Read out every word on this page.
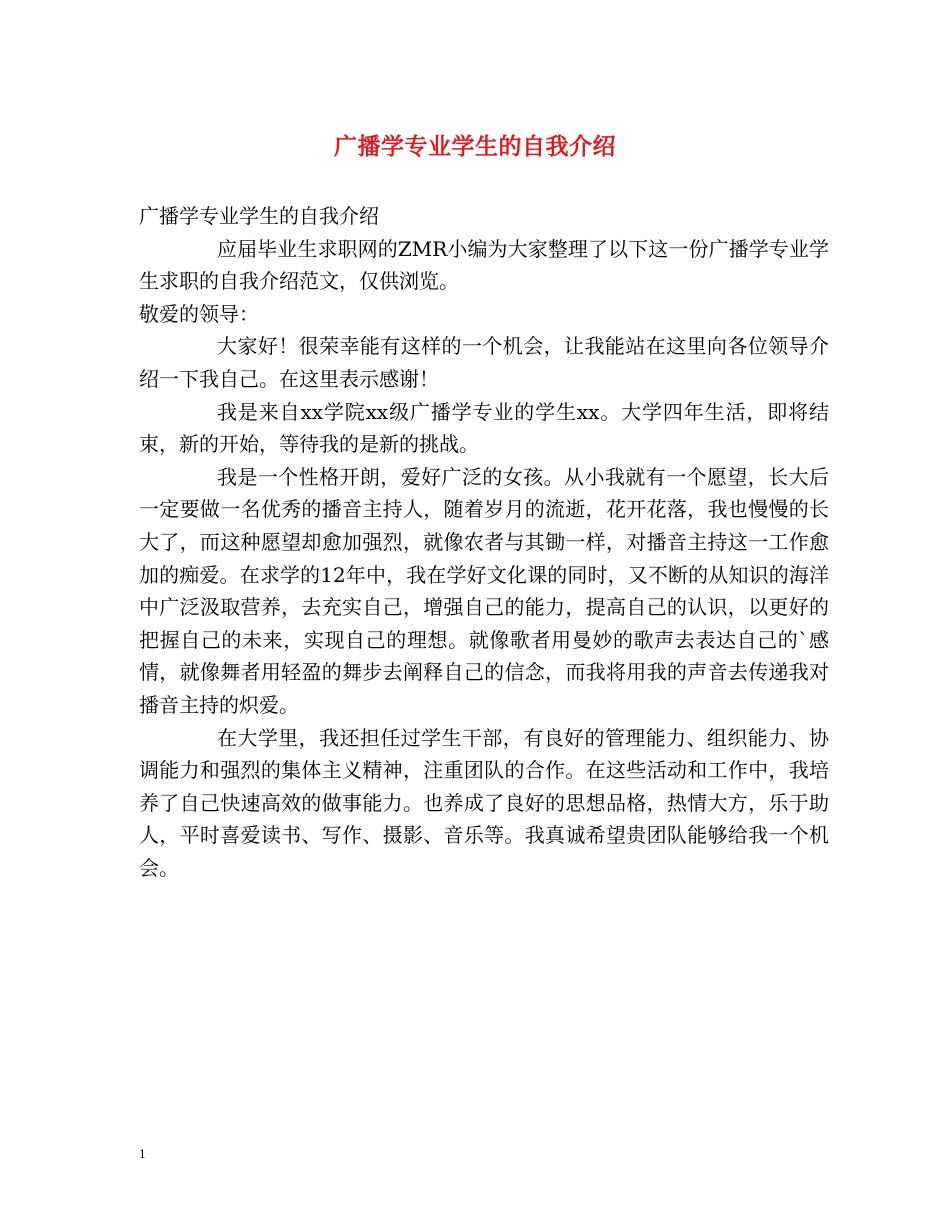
广播学专业学生的自我介绍

广播学专业学生的自我介绍

应届毕业生求职网的ZMR小编为大家整理了以下这一份广播学专业学生求职的自我介绍范文，仅供浏览。

敬爱的领导：

大家好！很荣幸能有这样的一个机会，让我能站在这里向各位领导介绍一下我自己。在这里表示感谢！

我是来自xx学院xx级广播学专业的学生xx。大学四年生活，即将结束，新的开始，等待我的是新的挑战。

我是一个性格开朗，爱好广泛的女孩。从小我就有一个愿望，长大后一定要做一名优秀的播音主持人，随着岁月的流逝，花开花落，我也慢慢的长大了，而这种愿望却愈加强烈，就像农者与其锄一样，对播音主持这一工作愈加的痴爱。在求学的12年中，我在学好文化课的同时，又不断的从知识的海洋中广泛汲取营养，去充实自己，增强自己的能力，提高自己的认识，以更好的把握自己的未来，实现自己的理想。就像歌者用曼妙的歌声去表达自己的`感情，就像舞者用轻盈的舞步去阐释自己的信念，而我将用我的声音去传递我对播音主持的炽爱。

在大学里，我还担任过学生干部，有良好的管理能力、组织能力、协调能力和强烈的集体主义精神，注重团队的合作。在这些活动和工作中，我培养了自己快速高效的做事能力。也养成了良好的思想品格，热情大方，乐于助人，平时喜爱读书、写作、摄影、音乐等。我真诚希望贵团队能够给我一个机会。

1
